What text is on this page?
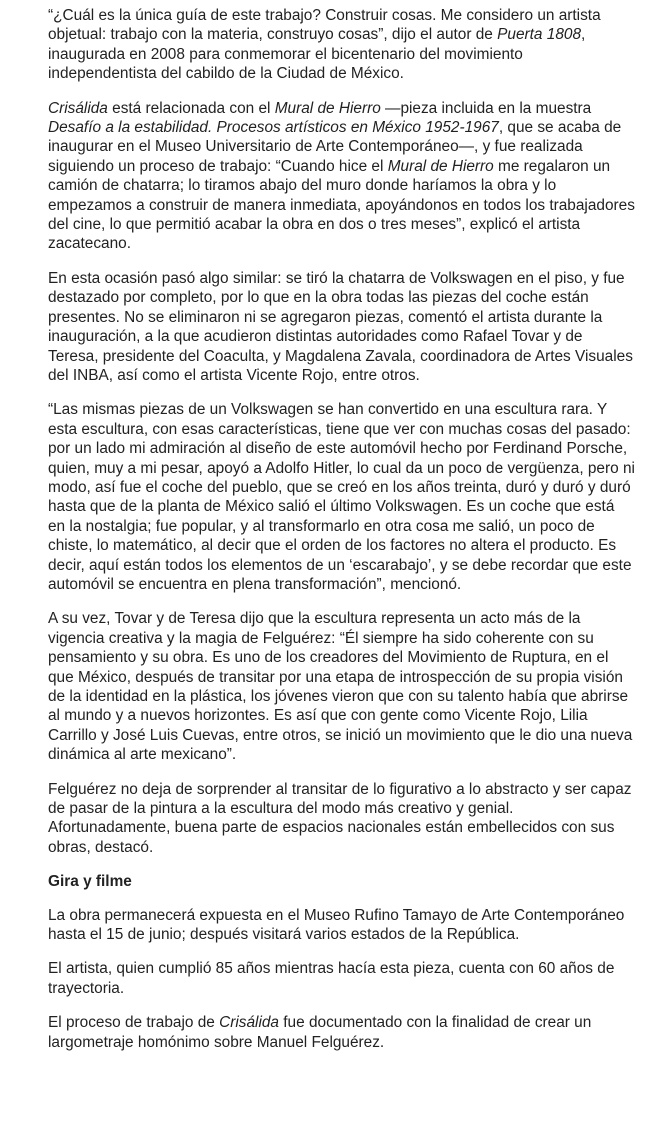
“¿Cuál es la única guía de este trabajo? Construir cosas. Me considero un artista objetual: trabajo con la materia, construyo cosas”, dijo el autor de Puerta 1808, inaugurada en 2008 para conmemorar el bicentenario del movimiento independentista del cabildo de la Ciudad de México.

Crisálida está relacionada con el Mural de Hierro —pieza incluida en la muestra Desafío a la estabilidad. Procesos artísticos en México 1952-1967, que se acaba de inaugurar en el Museo Universitario de Arte Contemporáneo—, y fue realizada siguiendo un proceso de trabajo: “Cuando hice el Mural de Hierro me regalaron un camión de chatarra; lo tiramos abajo del muro donde haríamos la obra y lo empezamos a construir de manera inmediata, apoyándonos en todos los trabajadores del cine, lo que permitió acabar la obra en dos o tres meses”, explicó el artista zacatecano.

En esta ocasión pasó algo similar: se tiró la chatarra de Volkswagen en el piso, y fue destazado por completo, por lo que en la obra todas las piezas del coche están presentes. No se eliminaron ni se agregaron piezas, comentó el artista durante la inauguración, a la que acudieron distintas autoridades como Rafael Tovar y de Teresa, presidente del Coaculta, y Magdalena Zavala, coordinadora de Artes Visuales del INBA, así como el artista Vicente Rojo, entre otros.

“Las mismas piezas de un Volkswagen se han convertido en una escultura rara. Y esta escultura, con esas características, tiene que ver con muchas cosas del pasado: por un lado mi admiración al diseño de este automóvil hecho por Ferdinand Porsche, quien, muy a mi pesar, apoyó a Adolfo Hitler, lo cual da un poco de vergüenza, pero ni modo, así fue el coche del pueblo, que se creó en los años treinta, duró y duró y duró hasta que de la planta de México salió el último Volkswagen. Es un coche que está en la nostalgia; fue popular, y al transformarlo en otra cosa me salió, un poco de chiste, lo matemático, al decir que el orden de los factores no altera el producto. Es decir, aquí están todos los elementos de un ‘escarabajo’, y se debe recordar que este automóvil se encuentra en plena transformación”, mencionó.

A su vez, Tovar y de Teresa dijo que la escultura representa un acto más de la vigencia creativa y la magia de Felguérez: “Él siempre ha sido coherente con su pensamiento y su obra. Es uno de los creadores del Movimiento de Ruptura, en el que México, después de transitar por una etapa de introspección de su propia visión de la identidad en la plástica, los jóvenes vieron que con su talento había que abrirse al mundo y a nuevos horizontes. Es así que con gente como Vicente Rojo, Lilia Carrillo y José Luis Cuevas, entre otros, se inició un movimiento que le dio una nueva dinámica al arte mexicano”.

Felguérez no deja de sorprender al transitar de lo figurativo a lo abstracto y ser capaz de pasar de la pintura a la escultura del modo más creativo y genial. Afortunadamente, buena parte de espacios nacionales están embellecidos con sus obras, destacó.

Gira y filme

La obra permanecerá expuesta en el Museo Rufino Tamayo de Arte Contemporáneo hasta el 15 de junio; después visitará varios estados de la República.

El artista, quien cumplió 85 años mientras hacía esta pieza, cuenta con 60 años de trayectoria.

El proceso de trabajo de Crisálida fue documentado con la finalidad de crear un largometraje homónimo sobre Manuel Felguérez.
